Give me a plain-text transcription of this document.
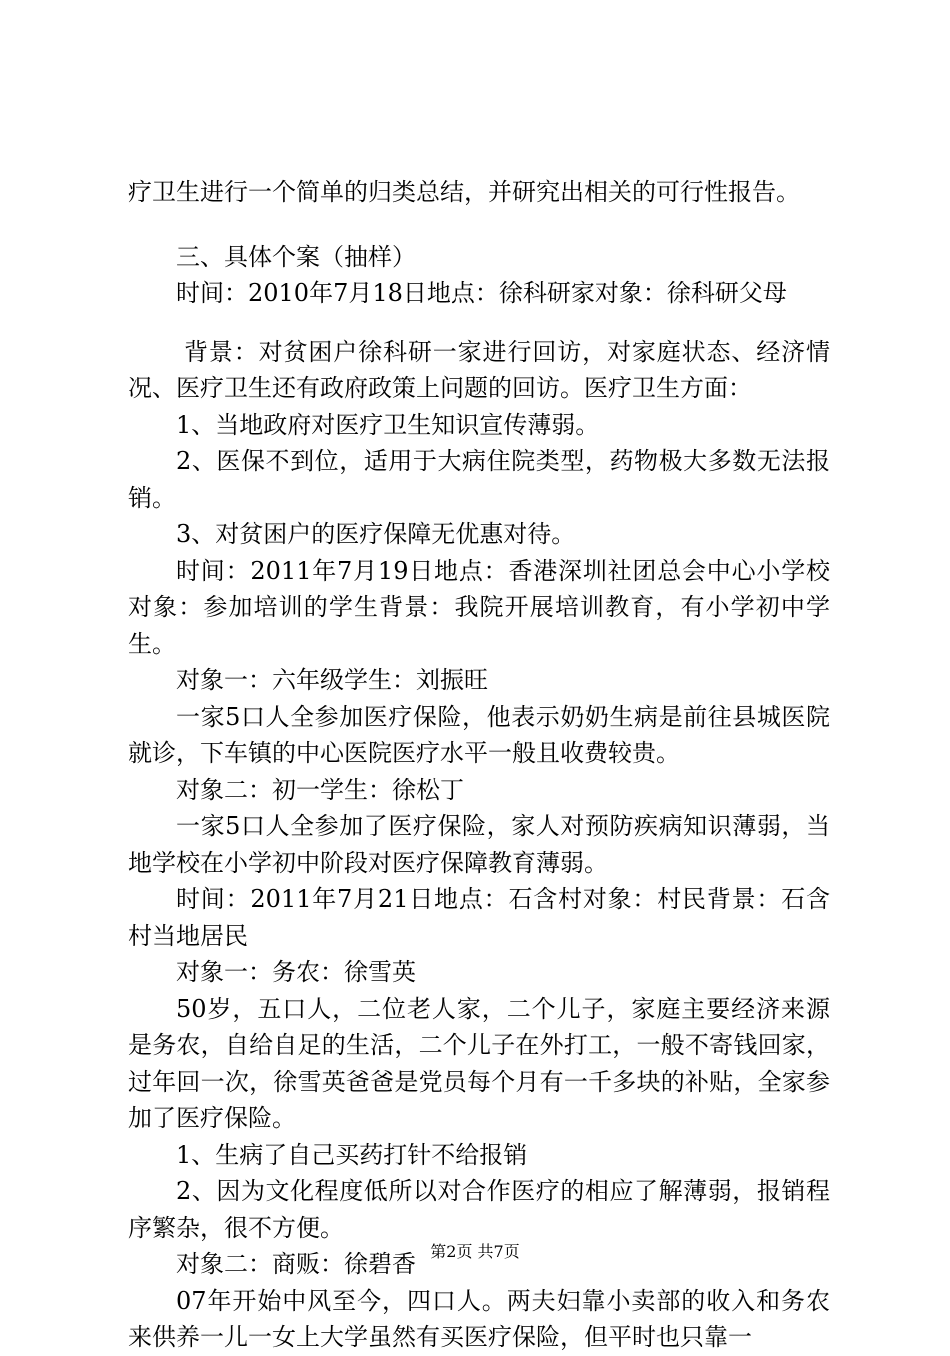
疗卫生进行一个简单的归类总结，并研究出相关的可行性报告。

三、具体个案（抽样）

时间：2010年7月18日地点：徐科研家对象：徐科研父母

背景：对贫困户徐科研一家进行回访，对家庭状态、经济情况、医疗卫生还有政府政策上问题的回访。医疗卫生方面：

1、当地政府对医疗卫生知识宣传薄弱。

2、医保不到位，适用于大病住院类型，药物极大多数无法报销。

3、对贫困户的医疗保障无优惠对待。

时间：2011年7月19日地点：香港深圳社团总会中心小学校对象：参加培训的学生背景：我院开展培训教育，有小学初中学生。

对象一：六年级学生：刘振旺

一家5口人全参加医疗保险，他表示奶奶生病是前往县城医院就诊，下车镇的中心医院医疗水平一般且收费较贵。

对象二：初一学生：徐松丁

一家5口人全参加了医疗保险，家人对预防疾病知识薄弱，当地学校在小学初中阶段对医疗保障教育薄弱。

时间：2011年7月21日地点：石含村对象：村民背景：石含村当地居民

对象一：务农：徐雪英

50岁，五口人，二位老人家，二个儿子，家庭主要经济来源是务农，自给自足的生活，二个儿子在外打工，一般不寄钱回家，过年回一次，徐雪英爸爸是党员每个月有一千多块的补贴，全家参加了医疗保险。

1、生病了自己买药打针不给报销

2、因为文化程度低所以对合作医疗的相应了解薄弱，报销程序繁杂，很不方便。

对象二：商贩：徐碧香

07年开始中风至今，四口人。两夫妇靠小卖部的收入和务农来供养一儿一女上大学虽然有买医疗保险，但平时也只靠一

第2页 共7页
